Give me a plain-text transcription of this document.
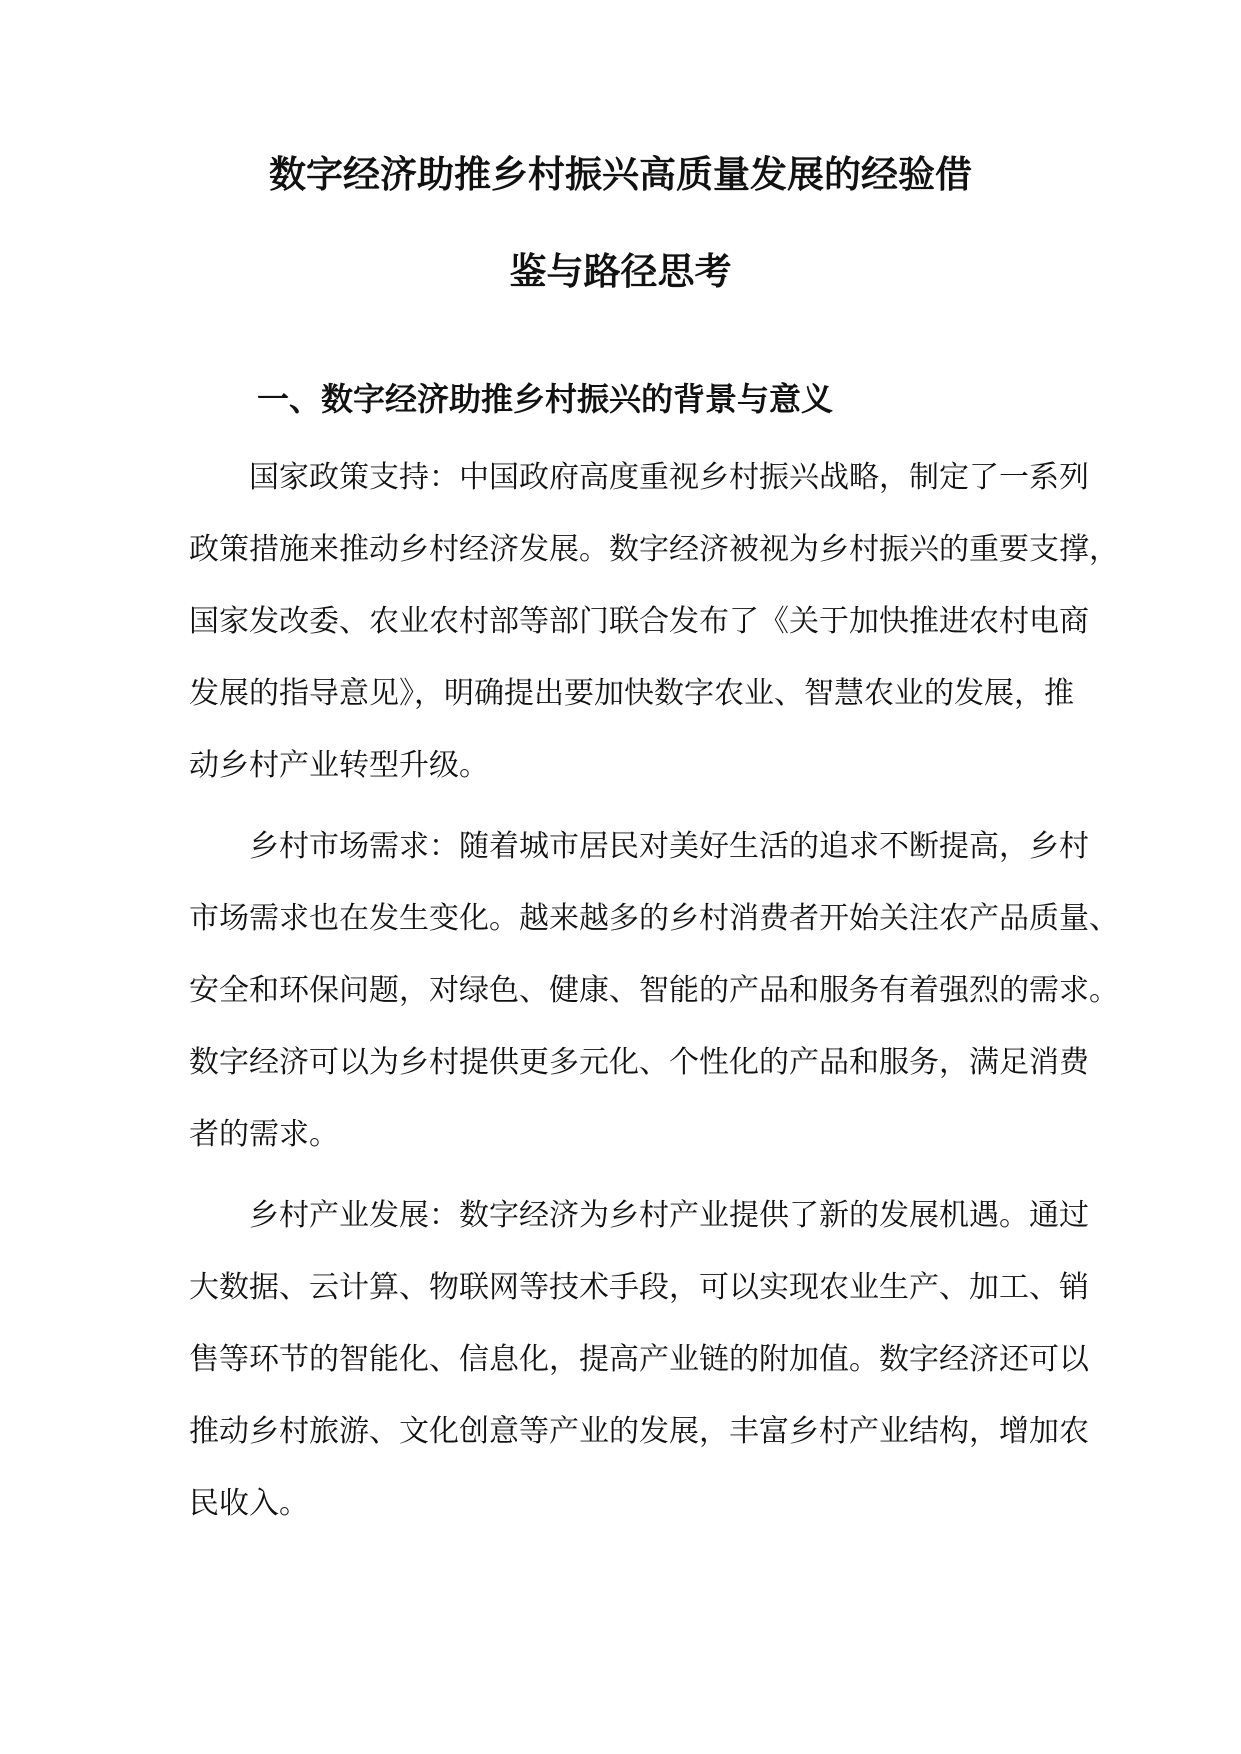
数字经济助推乡村振兴高质量发展的经验借
鉴与路径思考
一、数字经济助推乡村振兴的背景与意义
国家政策支持：中国政府高度重视乡村振兴战略，制定了一系列
政策措施来推动乡村经济发展。数字经济被视为乡村振兴的重要支撑，
国家发改委、农业农村部等部门联合发布了《关于加快推进农村电商
发展的指导意见》，明确提出要加快数字农业、智慧农业的发展，推
动乡村产业转型升级。
乡村市场需求：随着城市居民对美好生活的追求不断提高，乡村
市场需求也在发生变化。越来越多的乡村消费者开始关注农产品质量、
安全和环保问题，对绿色、健康、智能的产品和服务有着强烈的需求。
数字经济可以为乡村提供更多元化、个性化的产品和服务，满足消费
者的需求。
乡村产业发展：数字经济为乡村产业提供了新的发展机遇。通过
大数据、云计算、物联网等技术手段，可以实现农业生产、加工、销
售等环节的智能化、信息化，提高产业链的附加值。数字经济还可以
推动乡村旅游、文化创意等产业的发展，丰富乡村产业结构，增加农
民收入。
